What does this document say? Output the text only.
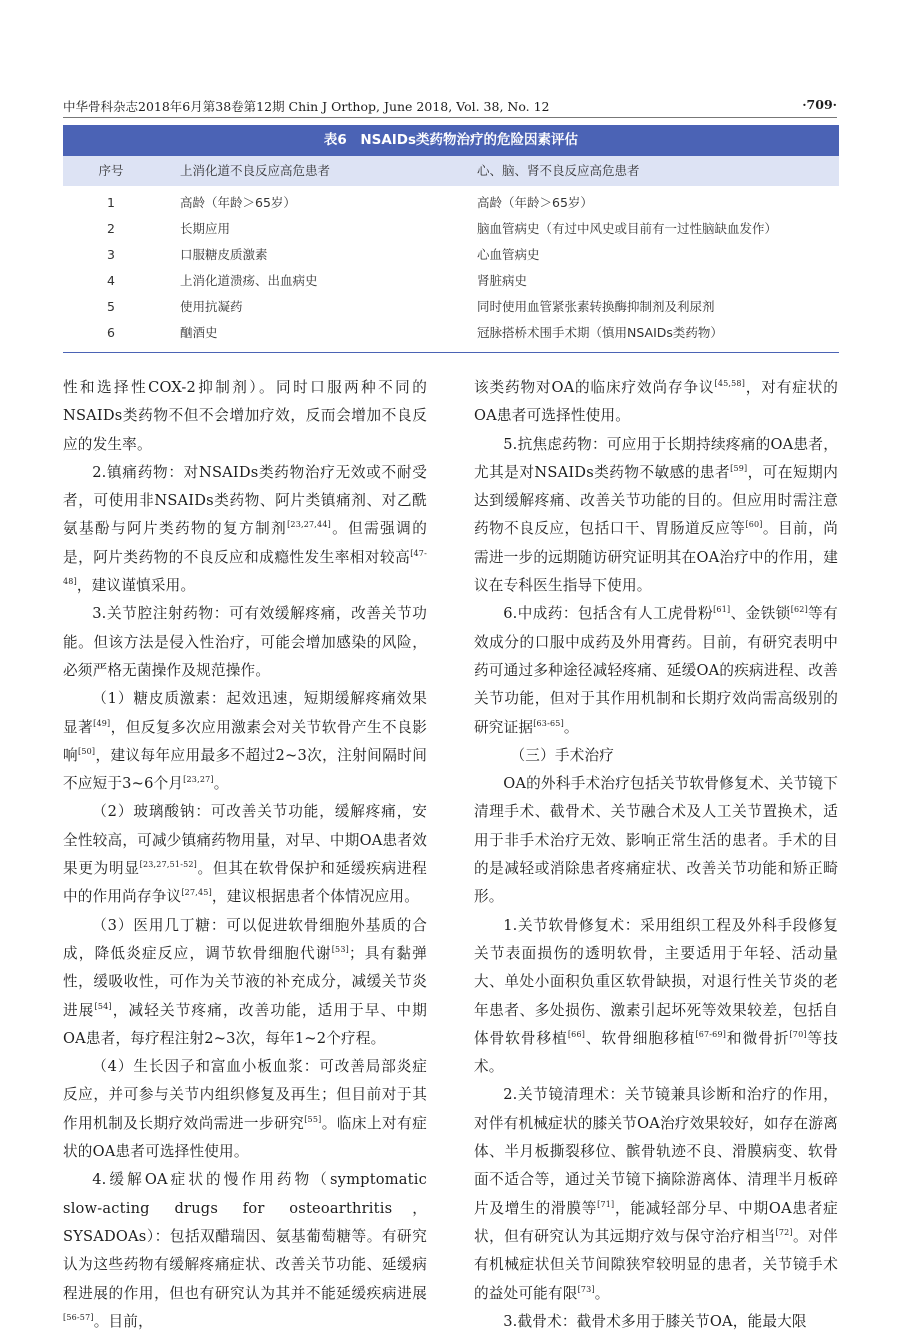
中华骨科杂志2018年6月第38卷第12期 Chin J Orthop, June 2018, Vol. 38, No. 12	·709·
表6　NSAIDs类药物治疗的危险因素评估
序号	上消化道不良反应高危患者	心、脑、肾不良反应高危患者
1	高龄（年龄＞65岁）	高龄（年龄＞65岁）
2	长期应用	脑血管病史（有过中风史或目前有一过性脑缺血发作）
3	口服糖皮质激素	心血管病史
4	上消化道溃疡、出血病史	肾脏病史
5	使用抗凝药	同时使用血管紧张素转换酶抑制剂及利尿剂
6	酗酒史	冠脉搭桥术围手术期（慎用NSAIDs类药物）

性和选择性COX-2抑制剂）。同时口服两种不同的NSAIDs类药物不但不会增加疗效，反而会增加不良反应的发生率。

2.镇痛药物：对NSAIDs类药物治疗无效或不耐受者，可使用非NSAIDs类药物、阿片类镇痛剂、对乙酰氨基酚与阿片类药物的复方制剂[23,27,44]。但需强调的是，阿片类药物的不良反应和成瘾性发生率相对较高[47-48]，建议谨慎采用。

3.关节腔注射药物：可有效缓解疼痛，改善关节功能。但该方法是侵入性治疗，可能会增加感染的风险，必须严格无菌操作及规范操作。

（1）糖皮质激素：起效迅速，短期缓解疼痛效果显著[49]，但反复多次应用激素会对关节软骨产生不良影响[50]，建议每年应用最多不超过2~3次，注射间隔时间不应短于3~6个月[23,27]。

（2）玻璃酸钠：可改善关节功能，缓解疼痛，安全性较高，可减少镇痛药物用量，对早、中期OA患者效果更为明显[23,27,51-52]。但其在软骨保护和延缓疾病进程中的作用尚存争议[27,45]，建议根据患者个体情况应用。

（3）医用几丁糖：可以促进软骨细胞外基质的合成，降低炎症反应，调节软骨细胞代谢[53]；具有黏弹性，缓吸收性，可作为关节液的补充成分，减缓关节炎进展[54]，减轻关节疼痛，改善功能，适用于早、中期OA患者，每疗程注射2~3次，每年1~2个疗程。

（4）生长因子和富血小板血浆：可改善局部炎症反应，并可参与关节内组织修复及再生；但目前对于其作用机制及长期疗效尚需进一步研究[55]。临床上对有症状的OA患者可选择性使用。

4.缓解OA症状的慢作用药物（symptomatic slow-acting drugs for osteoarthritis，SYSADOAs）：包括双醋瑞因、氨基葡萄糖等。有研究认为这些药物有缓解疼痛症状、改善关节功能、延缓病程进展的作用，但也有研究认为其并不能延缓疾病进展[56-57]。目前，

该类药物对OA的临床疗效尚存争议[45,58]，对有症状的OA患者可选择性使用。

5.抗焦虑药物：可应用于长期持续疼痛的OA患者，尤其是对NSAIDs类药物不敏感的患者[59]，可在短期内达到缓解疼痛、改善关节功能的目的。但应用时需注意药物不良反应，包括口干、胃肠道反应等[60]。目前，尚需进一步的远期随访研究证明其在OA治疗中的作用，建议在专科医生指导下使用。

6.中成药：包括含有人工虎骨粉[61]、金铁锁[62]等有效成分的口服中成药及外用膏药。目前，有研究表明中药可通过多种途径减轻疼痛、延缓OA的疾病进程、改善关节功能，但对于其作用机制和长期疗效尚需高级别的研究证据[63-65]。

（三）手术治疗

OA的外科手术治疗包括关节软骨修复术、关节镜下清理手术、截骨术、关节融合术及人工关节置换术，适用于非手术治疗无效、影响正常生活的患者。手术的目的是减轻或消除患者疼痛症状、改善关节功能和矫正畸形。

1.关节软骨修复术：采用组织工程及外科手段修复关节表面损伤的透明软骨，主要适用于年轻、活动量大、单处小面积负重区软骨缺损，对退行性关节炎的老年患者、多处损伤、激素引起坏死等效果较差，包括自体骨软骨移植[66]、软骨细胞移植[67-69]和微骨折[70]等技术。

2.关节镜清理术：关节镜兼具诊断和治疗的作用，对伴有机械症状的膝关节OA治疗效果较好，如存在游离体、半月板撕裂移位、髌骨轨迹不良、滑膜病变、软骨面不适合等，通过关节镜下摘除游离体、清理半月板碎片及增生的滑膜等[71]，能减轻部分早、中期OA患者症状，但有研究认为其远期疗效与保守治疗相当[72]。对伴有机械症状但关节间隙狭窄较明显的患者，关节镜手术的益处可能有限[73]。

3.截骨术：截骨术多用于膝关节OA，能最大限
